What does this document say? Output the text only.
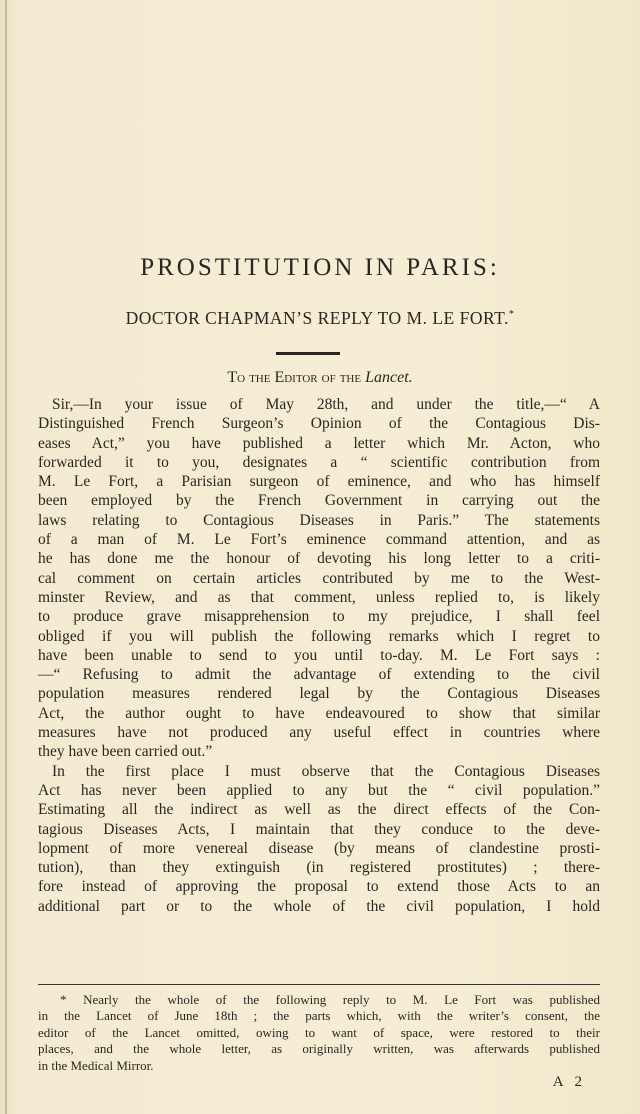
PROSTITUTION IN PARIS:
DOCTOR CHAPMAN’S REPLY TO M. LE FORT.*
To the Editor of the Lancet.
Sir,—In your issue of May 28th, and under the title,—“ A
Distinguished French Surgeon’s Opinion of the Contagious Dis-
eases Act,” you have published a letter which Mr. Acton, who
forwarded it to you, designates a “ scientific contribution from
M. Le Fort, a Parisian surgeon of eminence, and who has himself
been employed by the French Government in carrying out the
laws relating to Contagious Diseases in Paris.” The statements
of a man of M. Le Fort’s eminence command attention, and as
he has done me the honour of devoting his long letter to a criti-
cal comment on certain articles contributed by me to the West-
minster Review, and as that comment, unless replied to, is likely
to produce grave misapprehension to my prejudice, I shall feel
obliged if you will publish the following remarks which I regret to
have been unable to send to you until to-day. M. Le Fort says :
—“ Refusing to admit the advantage of extending to the civil
population measures rendered legal by the Contagious Diseases
Act, the author ought to have endeavoured to show that similar
measures have not produced any useful effect in countries where
they have been carried out.”
In the first place I must observe that the Contagious Diseases
Act has never been applied to any but the “ civil population.”
Estimating all the indirect as well as the direct effects of the Con-
tagious Diseases Acts, I maintain that they conduce to the deve-
lopment of more venereal disease (by means of clandestine prosti-
tution), than they extinguish (in registered prostitutes) ; there-
fore instead of approving the proposal to extend those Acts to an
additional part or to the whole of the civil population, I hold
* Nearly the whole of the following reply to M. Le Fort was published
in the Lancet of June 18th ; the parts which, with the writer’s consent, the
editor of the Lancet omitted, owing to want of space, were restored to their
places, and the whole letter, as originally written, was afterwards published
in the Medical Mirror.
A 2
